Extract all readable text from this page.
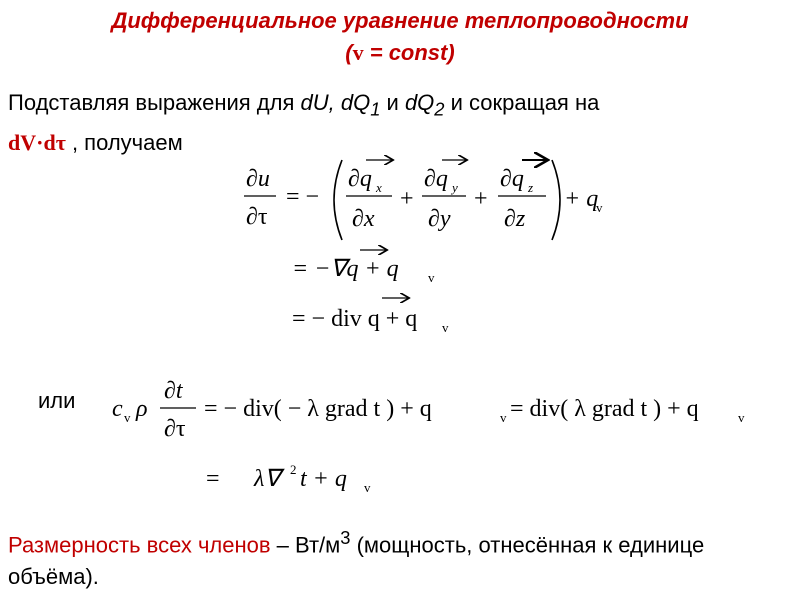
Дифференциальное уравнение теплопроводности
(v = const)
Подставляя выражения для dU, $dQ_1$ и $dQ_2$ и сокращая на
dV·dτ , получаем
∂u
∂τ
= −
∂q x
∂x
+
∂q y
∂y
+
∂q z
∂z
+ q
v
= −∇q + q v
= − div q + q v
c v ρ
∂t
∂τ
= − div( − λ grad t ) + q	v = div( λ grad t ) + q	v
= λ∇ 2 t + q v
или
Размерность всех членов – $Вт/м^3$ (мощность, отнесённая к единице объёма).
